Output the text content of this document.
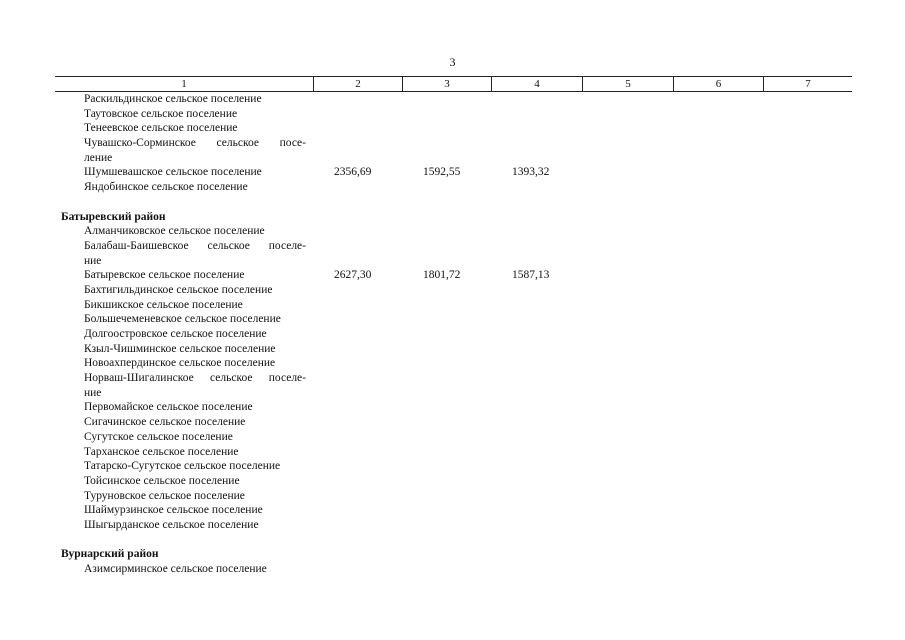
3
1	2	3	4	5	6	7
Раскильдинское сельское поселение
Таутовское сельское поселение
Тенеевское сельское поселение
Чувашско-Сорминское сельское посе-
ление
Шумшевашское сельское поселение	2356,69	1592,55	1393,32
Яндобинское сельское поселение
Батыревский район
Алманчиковское сельское поселение
Балабаш-Баишевское сельское поселе-
ние
Батыревское сельское поселение	2627,30	1801,72	1587,13
Бахтигильдинское сельское поселение
Бикшикское сельское поселение
Большечеменевское сельское поселение
Долгоостровское сельское поселение
Кзыл-Чишминское сельское поселение
Новоахпердинское сельское поселение
Норваш-Шигалинское сельское поселе-
ние
Первомайское сельское поселение
Сигачинское сельское поселение
Сугутское сельское поселение
Тарханское сельское поселение
Татарско-Сугутское сельское поселение
Тойсинское сельское поселение
Туруновское сельское поселение
Шаймурзинское сельское поселение
Шыгырданское сельское поселение
Вурнарский район
Азимсирминское сельское поселение
